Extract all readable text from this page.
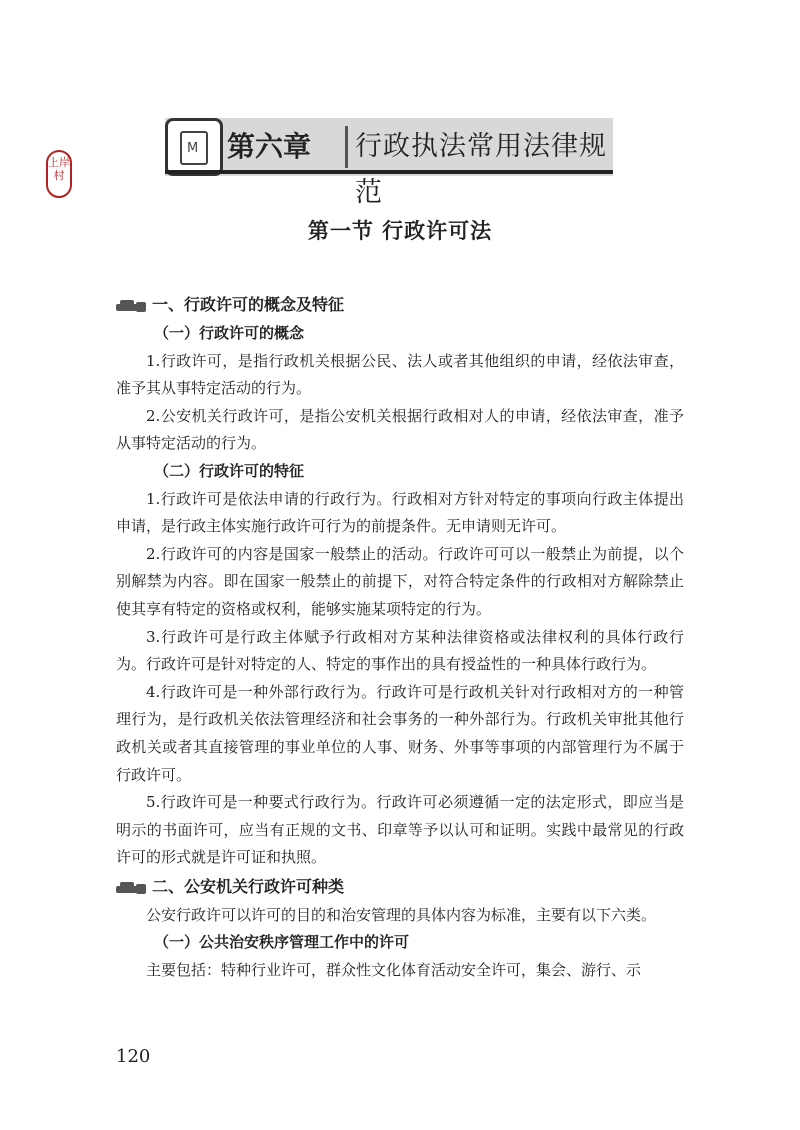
M 第六章	行政执法常用法律规范
上岸村
第一节 行政许可法
一、行政许可的概念及特征
（一）行政许可的概念
1.行政许可，是指行政机关根据公民、法人或者其他组织的申请，经依法审查，准予其从事特定活动的行为。
2.公安机关行政许可，是指公安机关根据行政相对人的申请，经依法审查，准予从事特定活动的行为。
（二）行政许可的特征
1.行政许可是依法申请的行政行为。行政相对方针对特定的事项向行政主体提出申请，是行政主体实施行政许可行为的前提条件。无申请则无许可。
2.行政许可的内容是国家一般禁止的活动。行政许可可以一般禁止为前提，以个别解禁为内容。即在国家一般禁止的前提下，对符合特定条件的行政相对方解除禁止使其享有特定的资格或权利，能够实施某项特定的行为。
3.行政许可是行政主体赋予行政相对方某种法律资格或法律权利的具体行政行为。行政许可是针对特定的人、特定的事作出的具有授益性的一种具体行政行为。
4.行政许可是一种外部行政行为。行政许可是行政机关针对行政相对方的一种管理行为，是行政机关依法管理经济和社会事务的一种外部行为。行政机关审批其他行政机关或者其直接管理的事业单位的人事、财务、外事等事项的内部管理行为不属于行政许可。
5.行政许可是一种要式行政行为。行政许可必须遵循一定的法定形式，即应当是明示的书面许可，应当有正规的文书、印章等予以认可和证明。实践中最常见的行政许可的形式就是许可证和执照。
二、公安机关行政许可种类
公安行政许可以许可的目的和治安管理的具体内容为标准，主要有以下六类。
（一）公共治安秩序管理工作中的许可
主要包括：特种行业许可，群众性文化体育活动安全许可，集会、游行、示
120
